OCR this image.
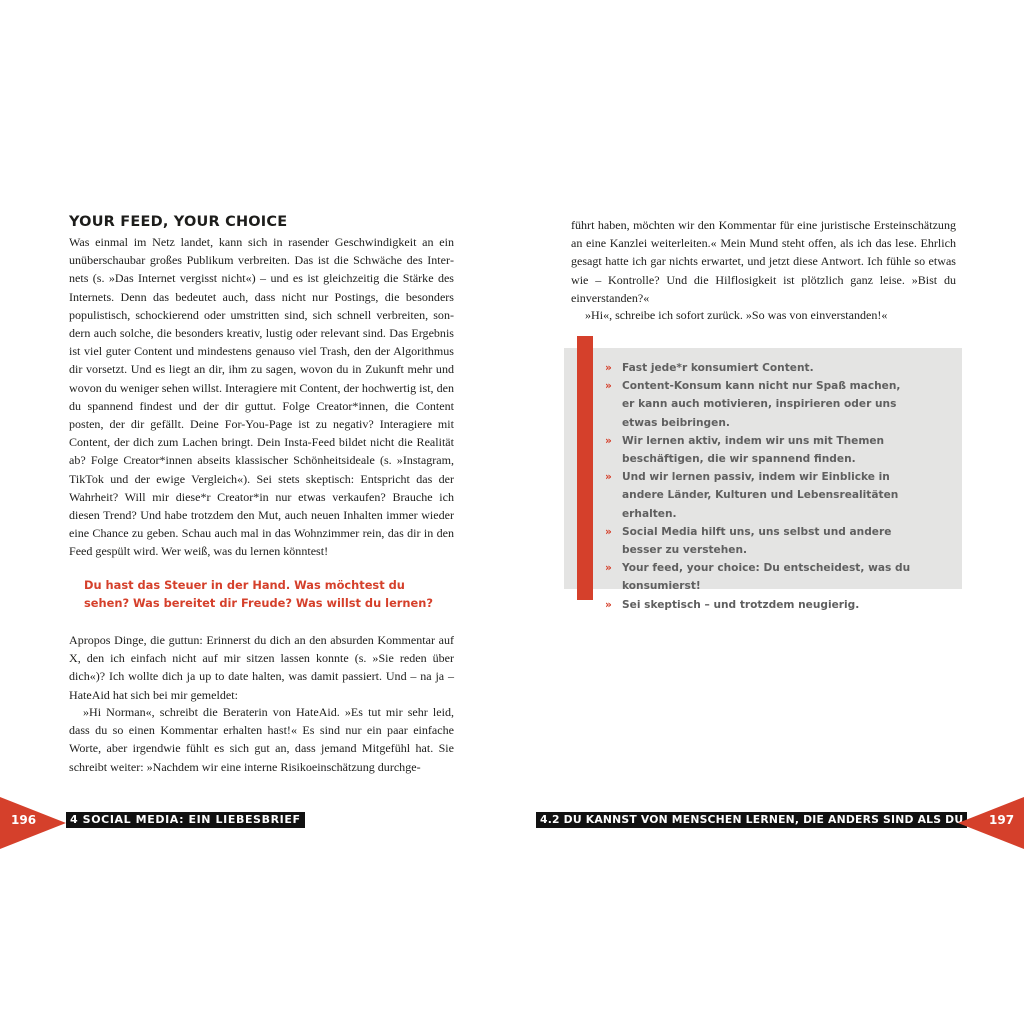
YOUR FEED, YOUR CHOICE
Was einmal im Netz landet, kann sich in rasender Geschwindigkeit an ein unüberschaubar großes Publikum verbreiten. Das ist die Schwäche des Internets (s. »Das Internet vergisst nicht«) – und es ist gleichzeitig die Stärke des Internets. Denn das bedeutet auch, dass nicht nur Postings, die besonders populistisch, schockierend oder umstritten sind, sich schnell verbreiten, sondern auch solche, die besonders kreativ, lustig oder relevant sind. Das Ergebnis ist viel guter Content und mindestens genauso viel Trash, den der Algorithmus dir vorsetzt. Und es liegt an dir, ihm zu sagen, wovon du in Zukunft mehr und wovon du weniger sehen willst. Interagiere mit Content, der hochwertig ist, den du spannend findest und der dir guttut. Folge Creator*innen, die Content posten, der dir gefällt. Deine For-You-Page ist zu negativ? Interagiere mit Content, der dich zum Lachen bringt. Dein Insta-Feed bildet nicht die Realität ab? Folge Creator*innen abseits klassischer Schönheitsideale (s. »Instagram, TikTok und der ewige Vergleich«). Sei stets skeptisch: Entspricht das der Wahrheit? Will mir diese*r Creator*in nur etwas verkaufen? Brauche ich diesen Trend? Und habe trotzdem den Mut, auch neuen Inhalten immer wieder eine Chance zu geben. Schau auch mal in das Wohnzimmer rein, das dir in den Feed gespült wird. Wer weiß, was du lernen könntest!

Du hast das Steuer in der Hand. Was möchtest du sehen? Was bereitet dir Freude? Was willst du lernen?

Apropos Dinge, die guttun: Erinnerst du dich an den absurden Kommentar auf X, den ich einfach nicht auf mir sitzen lassen konnte (s. »Sie reden über dich«)? Ich wollte dich ja up to date halten, was damit passiert. Und – na ja – HateAid hat sich bei mir gemeldet:
»Hi Norman«, schreibt die Beraterin von HateAid. »Es tut mir sehr leid, dass du so einen Kommentar erhalten hast!« Es sind nur ein paar einfache Worte, aber irgendwie fühlt es sich gut an, dass jemand Mitgefühl hat. Sie schreibt weiter: »Nachdem wir eine interne Risikoeinschätzung durchge-
führt haben, möchten wir den Kommentar für eine juristische Ersteinschätzung an eine Kanzlei weiterleiten.« Mein Mund steht offen, als ich das lese. Ehrlich gesagt hatte ich gar nichts erwartet, und jetzt diese Antwort. Ich fühle so etwas wie – Kontrolle? Und die Hilflosigkeit ist plötzlich ganz leise. »Bist du einverstanden?«
»Hi«, schreibe ich sofort zurück. »So was von einverstanden!«
» Fast jede*r konsumiert Content.
» Content-Konsum kann nicht nur Spaß machen, er kann auch motivieren, inspirieren oder uns etwas beibringen.
» Wir lernen aktiv, indem wir uns mit Themen beschäftigen, die wir spannend finden.
» Und wir lernen passiv, indem wir Einblicke in andere Länder, Kulturen und Lebensrealitäten erhalten.
» Social Media hilft uns, uns selbst und andere besser zu verstehen.
» Your feed, your choice: Du entscheidest, was du konsumierst!
» Sei skeptisch – und trotzdem neugierig.
196	4 SOCIAL MEDIA: EIN LIEBESBRIEF	4.2 DU KANNST VON MENSCHEN LERNEN, DIE ANDERS SIND ALS DU	197
